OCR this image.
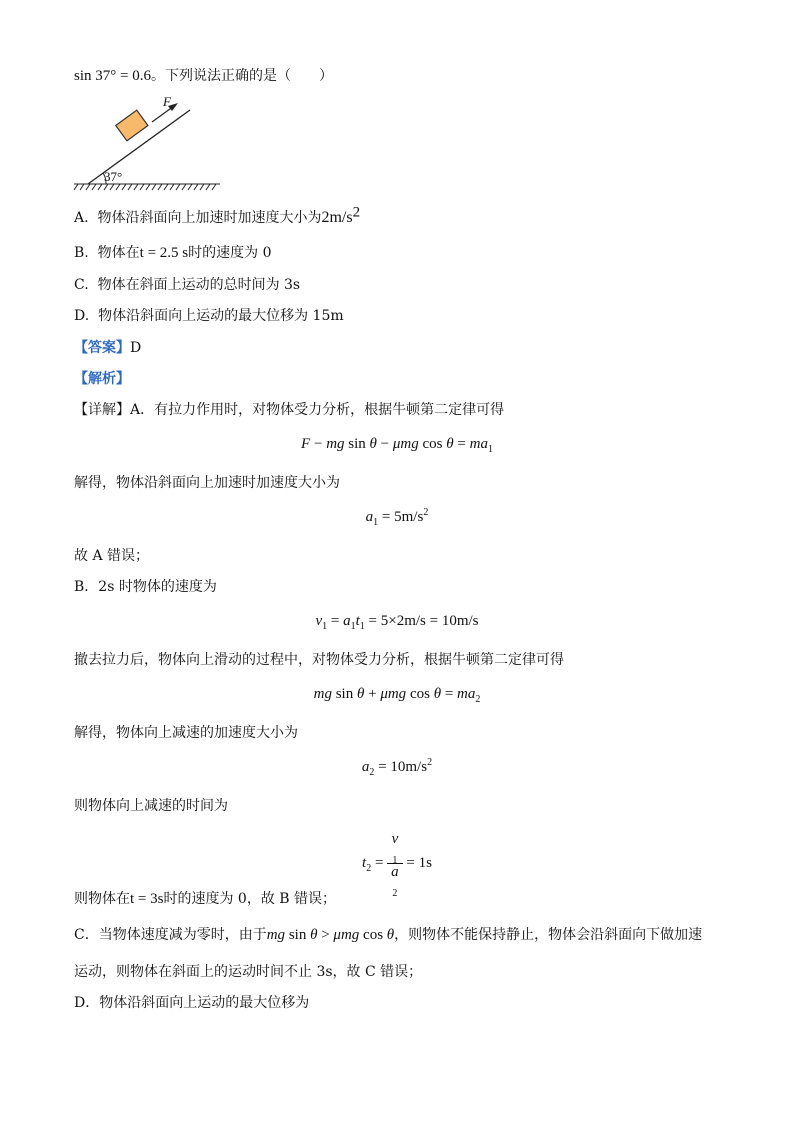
sin 37° = 0.6。下列说法正确的是（　　）
F
37°
A. 物体沿斜面向上加速时加速度大小为$2m/s^2$
B. 物体在t = 2.5 s时的速度为 0
C. 物体在斜面上运动的总时间为 3s
D. 物体沿斜面向上运动的最大位移为 15m
【答案】D
【解析】
【详解】A．有拉力作用时，对物体受力分析，根据牛顿第二定律可得
F − mg sin θ − μmg $\cos \theta = ma_1$
解得，物体沿斜面向上加速时加速度大小为
$a_1 = 5m/s^2$
故 A 错误；
B．2s 时物体的速度为
$v_1 = a_1t_1 = 5\times 2m/s = 10m/s$
撤去拉力后，物体向上滑动的过程中，对物体受力分析，根据牛顿第二定律可得
mg sin θ + μmg $\cos \theta = ma_2$
解得，物体向上减速的加速度大小为
$a_2 = 10m/s^2$
则物体向上减速的时间为
$t_2 = v$
$_1$
a
$_2$ = 1s
则物体在t = 3s时的速度为 0，故 B 错误；
C．当物体速度减为零时，由于mg sin θ > μmg cos θ，则物体不能保持静止，物体会沿斜面向下做加速
运动，则物体在斜面上的运动时间不止 3s，故 C 错误；
D．物体沿斜面向上运动的最大位移为
